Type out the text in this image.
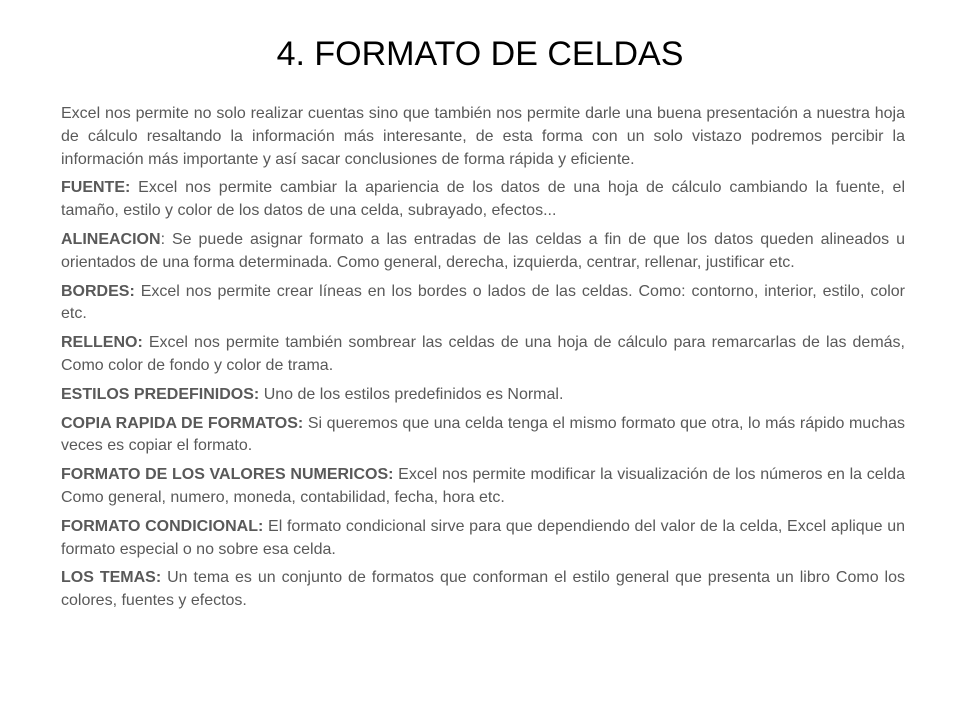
4. FORMATO DE CELDAS

Excel nos permite no solo realizar cuentas sino que también nos permite darle una buena presentación a nuestra hoja de cálculo resaltando la información más interesante, de esta forma con un solo vistazo podremos percibir la información más importante y así sacar conclusiones de forma rápida y eficiente.

FUENTE: Excel nos permite cambiar la apariencia de los datos de una hoja de cálculo cambiando la fuente, el tamaño, estilo y color de los datos de una celda, subrayado, efectos...

ALINEACION: Se puede asignar formato a las entradas de las celdas a fin de que los datos queden alineados u orientados de una forma determinada. Como general, derecha, izquierda, centrar, rellenar, justificar etc.

BORDES: Excel nos permite crear líneas en los bordes o lados de las celdas. Como: contorno, interior, estilo, color etc.

RELLENO: Excel nos permite también sombrear las celdas de una hoja de cálculo para remarcarlas de las demás, Como color de fondo y color de trama.

ESTILOS PREDEFINIDOS: Uno de los estilos predefinidos es Normal.

COPIA RAPIDA DE FORMATOS: Si queremos que una celda tenga el mismo formato que otra, lo más rápido muchas veces es copiar el formato.

FORMATO DE LOS VALORES NUMERICOS: Excel nos permite modificar la visualización de los números en la celda Como general, numero, moneda, contabilidad, fecha, hora etc.

FORMATO CONDICIONAL: El formato condicional sirve para que dependiendo del valor de la celda, Excel aplique un formato especial o no sobre esa celda.

LOS TEMAS: Un tema es un conjunto de formatos que conforman el estilo general que presenta un libro Como los colores, fuentes y efectos.
